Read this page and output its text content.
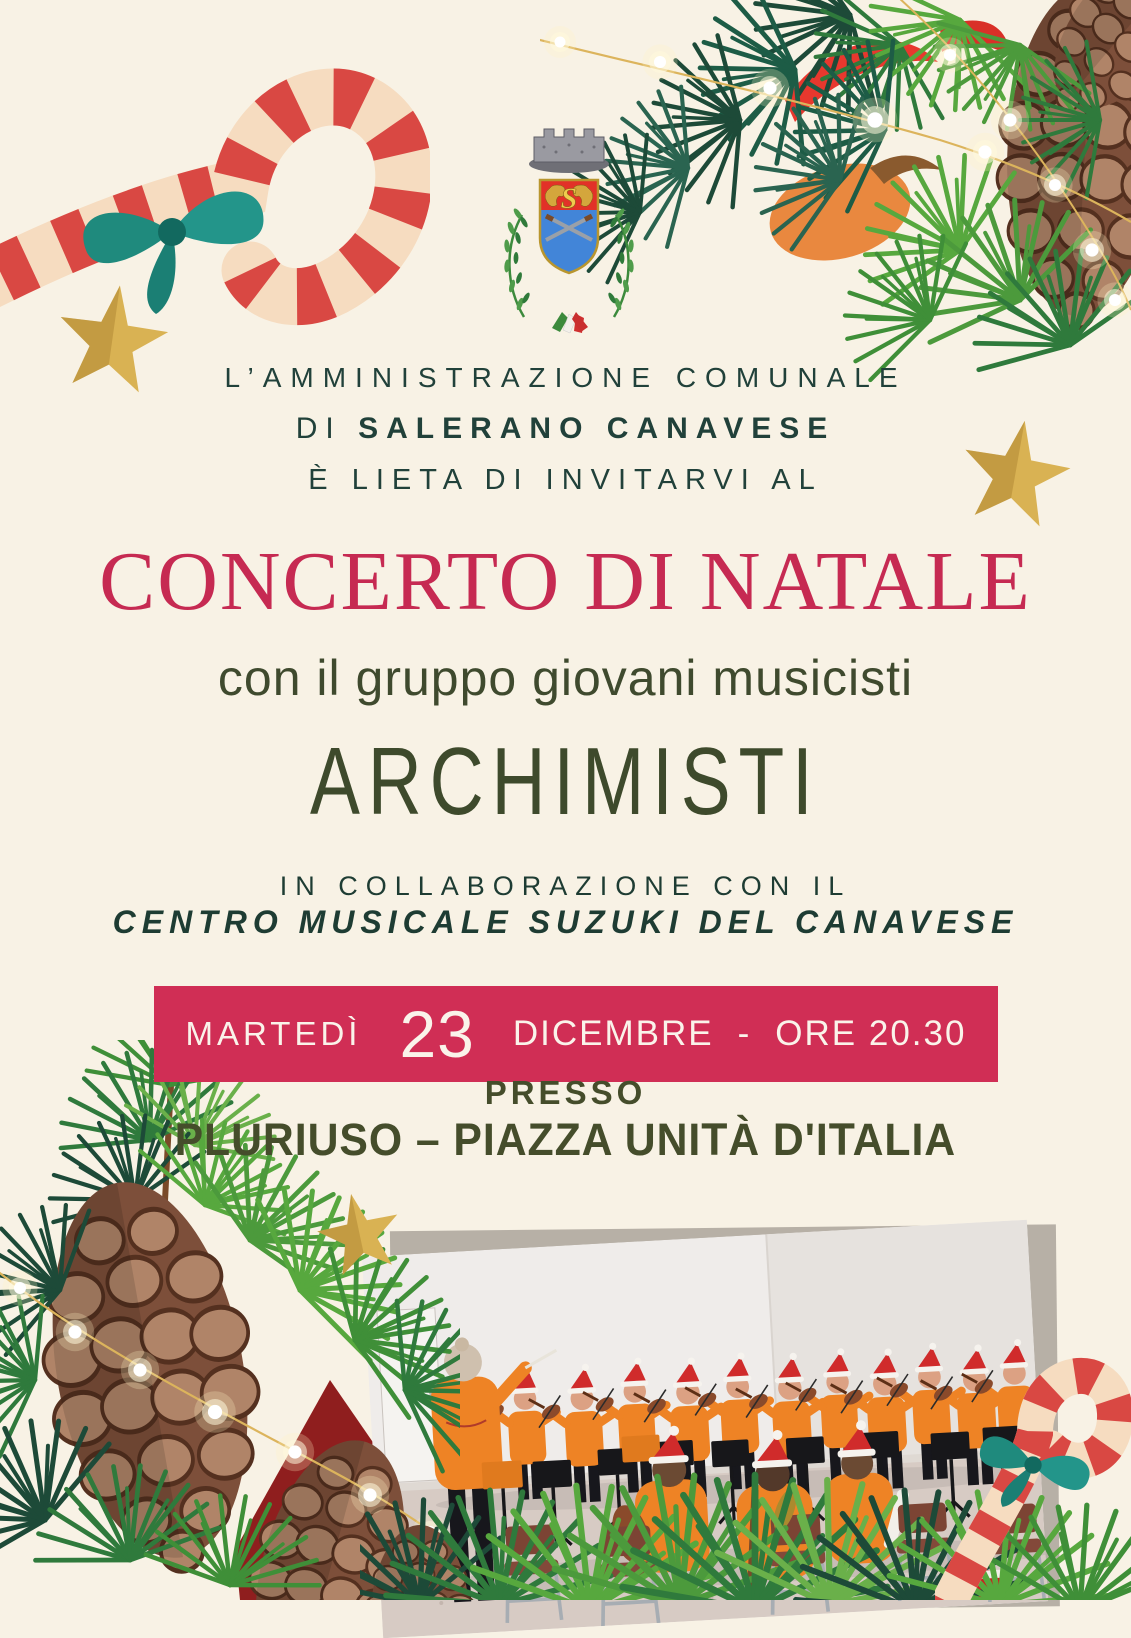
S
L’AMMINISTRAZIONE COMUNALE
DI SALERANO CANAVESE
È LIETA DI INVITARVI AL
CONCERTO DI NATALE
con il gruppo giovani musicisti
ARCHIMISTI
IN COLLABORAZIONE CON IL
CENTRO MUSICALE SUZUKI DEL CANAVESE
MARTEDÌ 23 DICEMBRE - ORE 20.30
PRESSO
PLURIUSO – PIAZZA UNITÀ D'ITALIA
